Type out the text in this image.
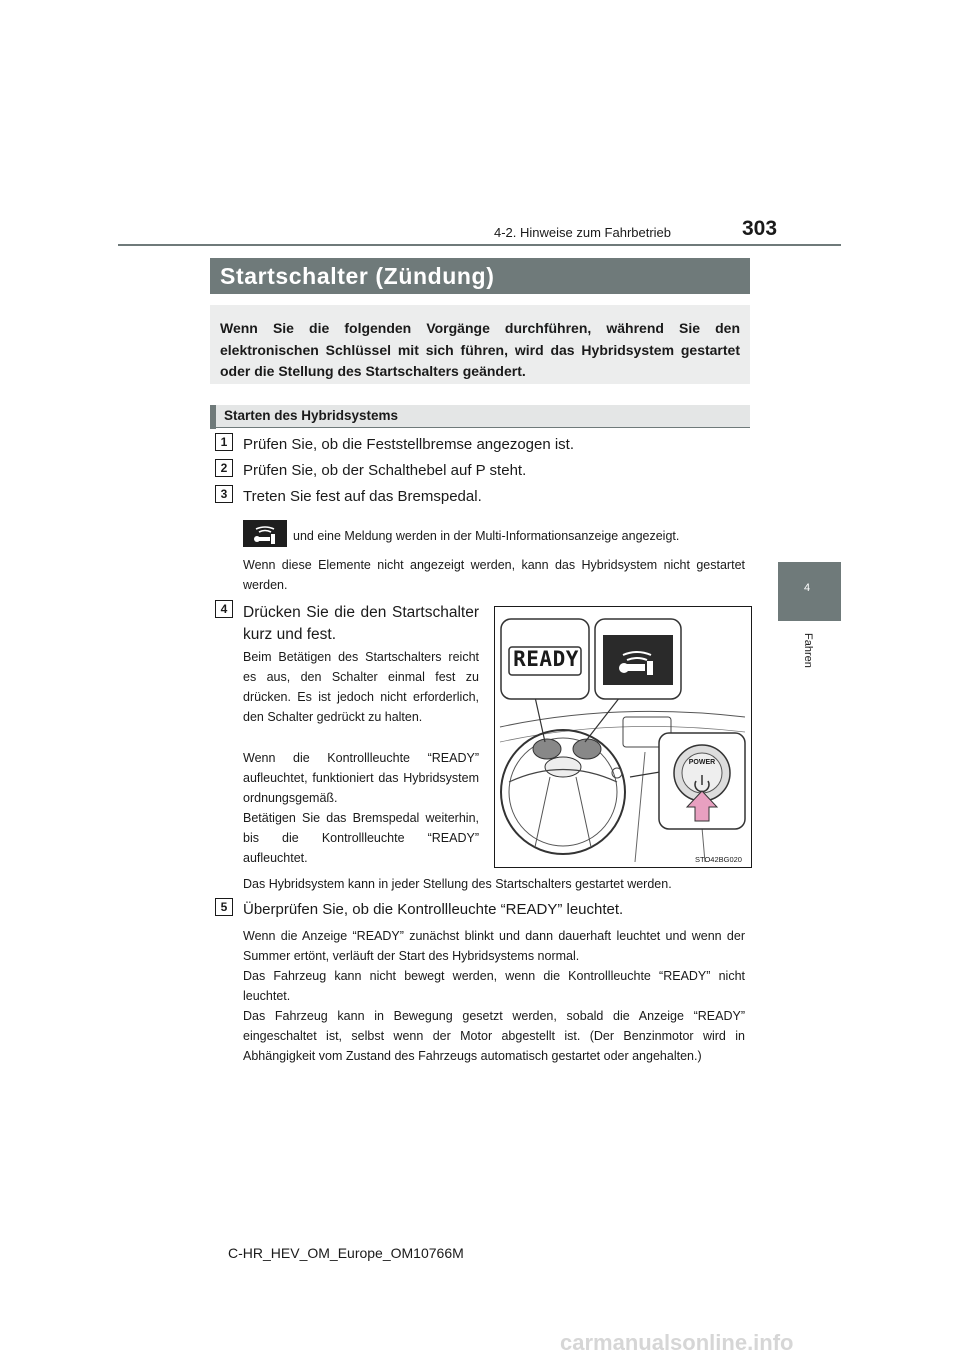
4-2. Hinweise zum Fahrbetrieb	303
4
Fahren
Startschalter (Zündung)

Wenn Sie die folgenden Vorgänge durchführen, während Sie den elektronischen Schlüssel mit sich führen, wird das Hybridsystem gestartet oder die Stellung des Startschalters geändert.

Starten des Hybridsystems
1	Prüfen Sie, ob die Feststellbremse angezogen ist.
2	Prüfen Sie, ob der Schalthebel auf P steht.
3	Treten Sie fest auf das Bremspedal.
und eine Meldung werden in der Multi-Informationsanzeige angezeigt.
Wenn diese Elemente nicht angezeigt werden, kann das Hybridsystem nicht gestartet werden.
4	Drücken Sie die den Startschalter
kurz und fest.
Beim Betätigen des Startschalters reicht es aus, den Schalter einmal fest zu drücken. Es ist jedoch nicht erforderlich, den Schalter gedrückt zu halten.
Wenn die Kontrollleuchte “READY” aufleuchtet, funktioniert das Hybridsystem ordnungsgemäß.
Betätigen Sie das Bremspedal weiterhin, bis die Kontrollleuchte “READY” aufleuchtet.
Das Hybridsystem kann in jeder Stellung des Startschalters gestartet werden.
READY
POWER
STO42BG020
5	Überprüfen Sie, ob die Kontrollleuchte “READY” leuchtet.
Wenn die Anzeige “READY” zunächst blinkt und dann dauerhaft leuchtet und wenn der Summer ertönt, verläuft der Start des Hybridsystems normal.
Das Fahrzeug kann nicht bewegt werden, wenn die Kontrollleuchte “READY” nicht leuchtet.
Das Fahrzeug kann in Bewegung gesetzt werden, sobald die Anzeige “READY” eingeschaltet ist, selbst wenn der Motor abgestellt ist. (Der Benzinmotor wird in Abhängigkeit vom Zustand des Fahrzeugs automatisch gestartet oder angehalten.)
C-HR_HEV_OM_Europe_OM10766M
carmanualsonline.info
